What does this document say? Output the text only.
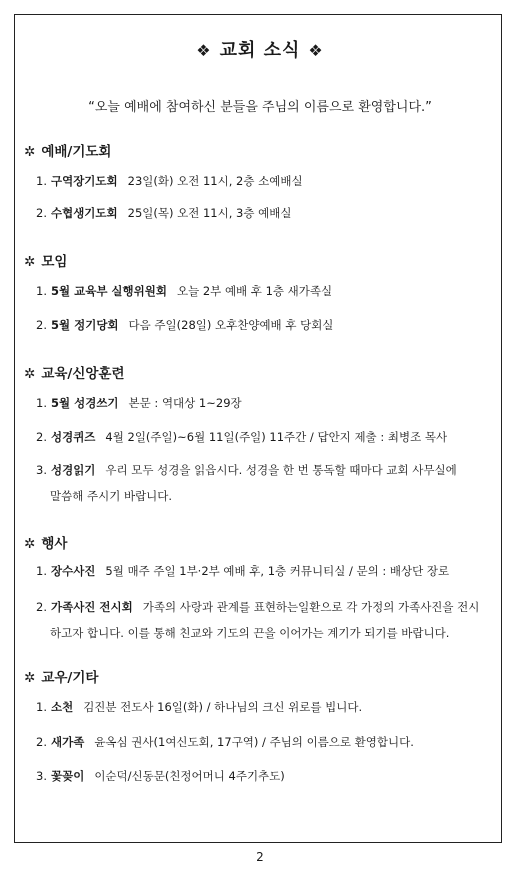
❖ 교회 소식 ❖
“오늘 예배에 참여하신 분들을 주님의 이름으로 환영합니다.”
✲ 예배/기도회
1. 구역장기도회 23일(화) 오전 11시, 2층 소예배실
2. 수협생기도회 25일(목) 오전 11시, 3층 예배실
✲ 모임
1. 5월 교육부 실행위원회 오늘 2부 예배 후 1층 새가족실
2. 5월 정기당회 다음 주일(28일) 오후찬양예배 후 당회실
✲ 교육/신앙훈련
1. 5월 성경쓰기 본문 : 역대상 1~29장
2. 성경퀴즈 4월 2일(주일)~6월 11일(주일) 11주간 / 답안지 제출 : 최병조 목사
3. 성경읽기 우리 모두 성경을 읽읍시다. 성경을 한 번 통독할 때마다 교회 사무실에
말씀해 주시기 바랍니다.
✲ 행사
1. 장수사진 5월 매주 주일 1부·2부 예배 후, 1층 커뮤니티실 / 문의 : 배상단 장로
2. 가족사진 전시회 가족의 사랑과 관계를 표현하는일환으로 각 가정의 가족사진을 전시
하고자 합니다. 이를 통해 친교와 기도의 끈을 이어가는 계기가 되기를 바랍니다.
✲ 교우/기타
1. 소천 김진분 전도사 16일(화) / 하나님의 크신 위로를 빕니다.
2. 새가족 윤옥심 권사(1여신도회, 17구역) / 주님의 이름으로 환영합니다.
3. 꽃꽂이 이순덕/신동문(친정어머니 4주기추도)
2
